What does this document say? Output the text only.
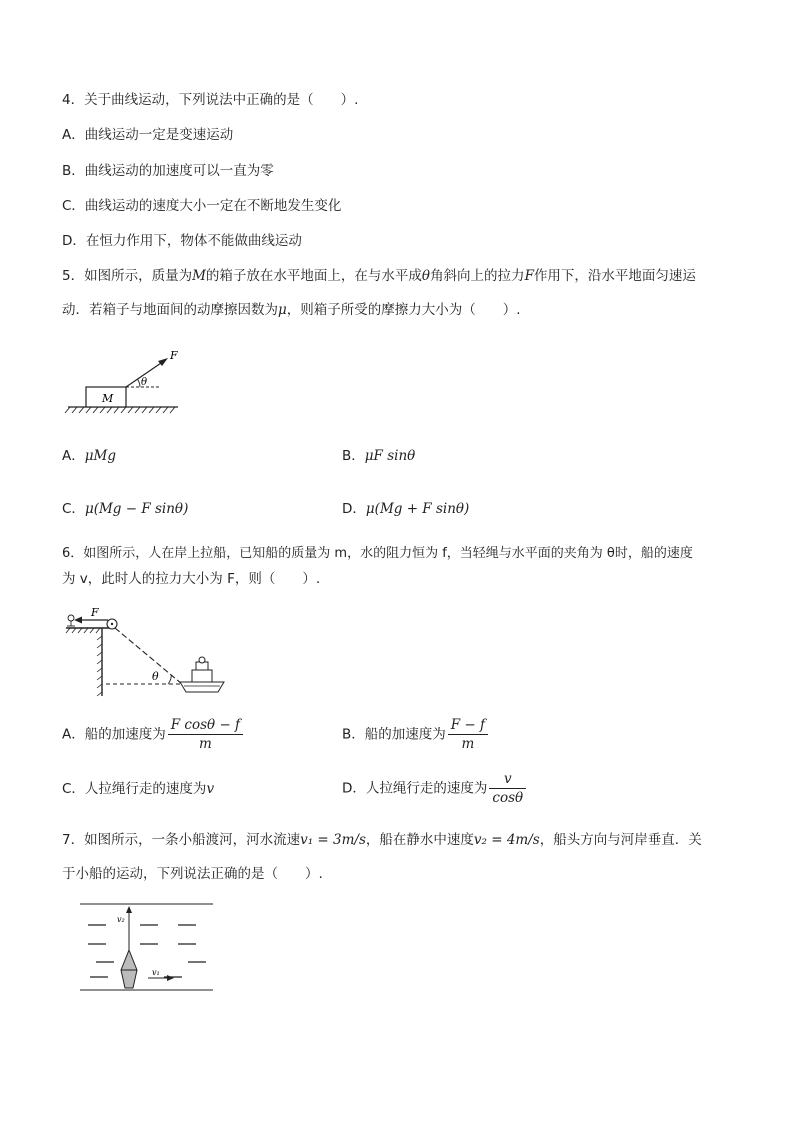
4．关于曲线运动，下列说法中正确的是（　　）.
A．曲线运动一定是变速运动
B．曲线运动的加速度可以一直为零
C．曲线运动的速度大小一定在不断地发生变化
D．在恒力作用下，物体不能做曲线运动
5．如图所示，质量为M的箱子放在水平地面上，在与水平成θ角斜向上的拉力F作用下，沿水平地面匀速运
动．若箱子与地面间的动摩擦因数为μ，则箱子所受的摩擦力大小为（　　）.
M
θ
F
A．μMg	B．μF sinθ
C．μ(Mg − F sinθ)	D．μ(Mg + F sinθ)
6．如图所示，人在岸上拉船，已知船的质量为 m，水的阻力恒为 f，当轻绳与水平面的夹角为 θ时，船的速度
为 v，此时人的拉力大小为 F，则（　　）.
F
θ
A．船的加速度为 $\frac{\text{F cosθ − f}}{m}$	B．船的加速度为 $\frac{F - f}{m}$
C．人拉绳行走的速度为v	D．人拉绳行走的速度为 $\frac{v}{\cos\theta}$
7．如图所示，一条小船渡河，河水流速v₁ = 3m/s，船在静水中速度v₂ = 4m/s，船头方向与河岸垂直．关
于小船的运动，下列说法正确的是（　　）.
v₂
v₁
